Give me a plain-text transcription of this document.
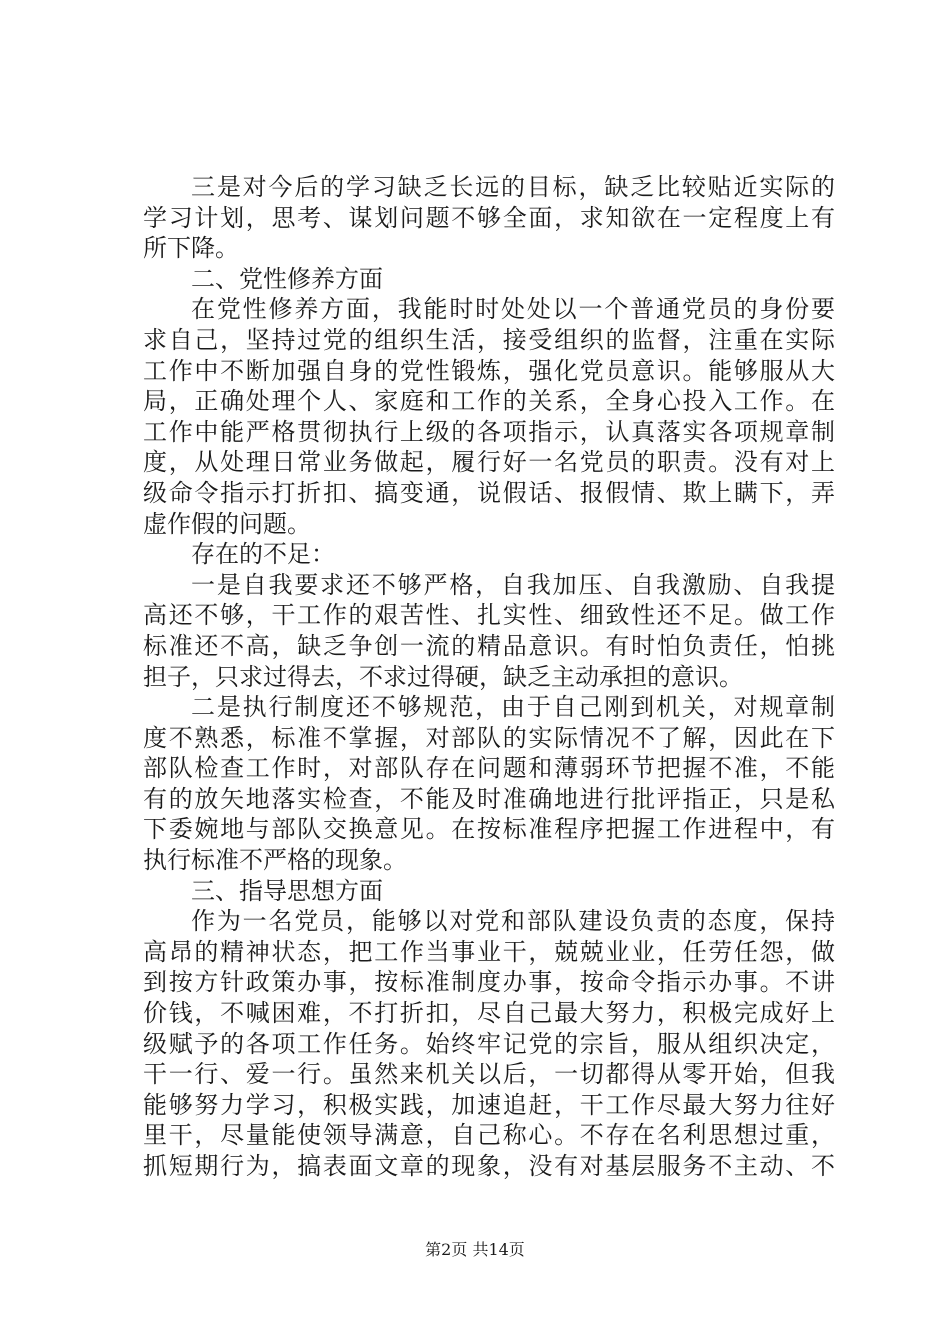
三是对今后的学习缺乏长远的目标，缺乏比较贴近实际的
学习计划，思考、谋划问题不够全面，求知欲在一定程度上有
所下降。
二、党性修养方面
在党性修养方面，我能时时处处以一个普通党员的身份要
求自己，坚持过党的组织生活，接受组织的监督，注重在实际
工作中不断加强自身的党性锻炼，强化党员意识。能够服从大
局，正确处理个人、家庭和工作的关系，全身心投入工作。在
工作中能严格贯彻执行上级的各项指示，认真落实各项规章制
度，从处理日常业务做起，履行好一名党员的职责。没有对上
级命令指示打折扣、搞变通，说假话、报假情、欺上瞒下，弄
虚作假的问题。
存在的不足：
一是自我要求还不够严格，自我加压、自我激励、自我提
高还不够，干工作的艰苦性、扎实性、细致性还不足。做工作
标准还不高，缺乏争创一流的精品意识。有时怕负责任，怕挑
担子，只求过得去，不求过得硬，缺乏主动承担的意识。
二是执行制度还不够规范，由于自己刚到机关，对规章制
度不熟悉，标准不掌握，对部队的实际情况不了解，因此在下
部队检查工作时，对部队存在问题和薄弱环节把握不准，不能
有的放矢地落实检查，不能及时准确地进行批评指正，只是私
下委婉地与部队交换意见。在按标准程序把握工作进程中，有
执行标准不严格的现象。
三、指导思想方面
作为一名党员，能够以对党和部队建设负责的态度，保持
高昂的精神状态，把工作当事业干，兢兢业业，任劳任怨，做
到按方针政策办事，按标准制度办事，按命令指示办事。不讲
价钱，不喊困难，不打折扣，尽自己最大努力，积极完成好上
级赋予的各项工作任务。始终牢记党的宗旨，服从组织决定，
干一行、爱一行。虽然来机关以后，一切都得从零开始，但我
能够努力学习，积极实践，加速追赶，干工作尽最大努力往好
里干，尽量能使领导满意，自己称心。不存在名利思想过重，
抓短期行为，搞表面文章的现象，没有对基层服务不主动、不
第2页 共14页
